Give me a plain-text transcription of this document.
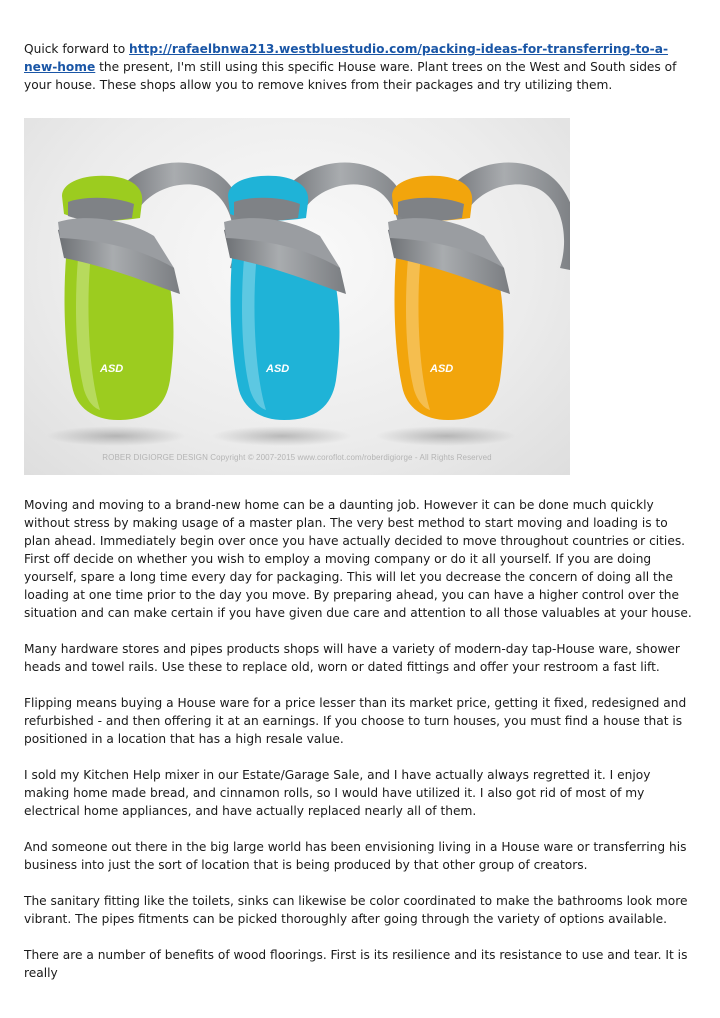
Quick forward to http://rafaelbnwa213.westbluestudio.com/packing-ideas-for-transferring-to-a-new-home the present, I'm still using this specific House ware. Plant trees on the West and South sides of your house. These shops allow you to remove knives from their packages and try utilizing them.

ASD	ASD	ASD
ROBER DIGIORGE DESIGN Copyright © 2007-2015 www.coroflot.com/roberdigiorge - All Rights Reserved

Moving and moving to a brand-new home can be a daunting job. However it can be done much quickly without stress by making usage of a master plan. The very best method to start moving and loading is to plan ahead. Immediately begin over once you have actually decided to move throughout countries or cities. First off decide on whether you wish to employ a moving company or do it all yourself. If you are doing yourself, spare a long time every day for packaging. This will let you decrease the concern of doing all the loading at one time prior to the day you move. By preparing ahead, you can have a higher control over the situation and can make certain if you have given due care and attention to all those valuables at your house.

Many hardware stores and pipes products shops will have a variety of modern-day tap-House ware, shower heads and towel rails. Use these to replace old, worn or dated fittings and offer your restroom a fast lift.

Flipping means buying a House ware for a price lesser than its market price, getting it fixed, redesigned and refurbished - and then offering it at an earnings. If you choose to turn houses, you must find a house that is positioned in a location that has a high resale value.

I sold my Kitchen Help mixer in our Estate/Garage Sale, and I have actually always regretted it. I enjoy making home made bread, and cinnamon rolls, so I would have utilized it. I also got rid of most of my electrical home appliances, and have actually replaced nearly all of them.

And someone out there in the big large world has been envisioning living in a House ware or transferring his business into just the sort of location that is being produced by that other group of creators.

The sanitary fitting like the toilets, sinks can likewise be color coordinated to make the bathrooms look more vibrant. The pipes fitments can be picked thoroughly after going through the variety of options available.

There are a number of benefits of wood floorings. First is its resilience and its resistance to use and tear. It is really
